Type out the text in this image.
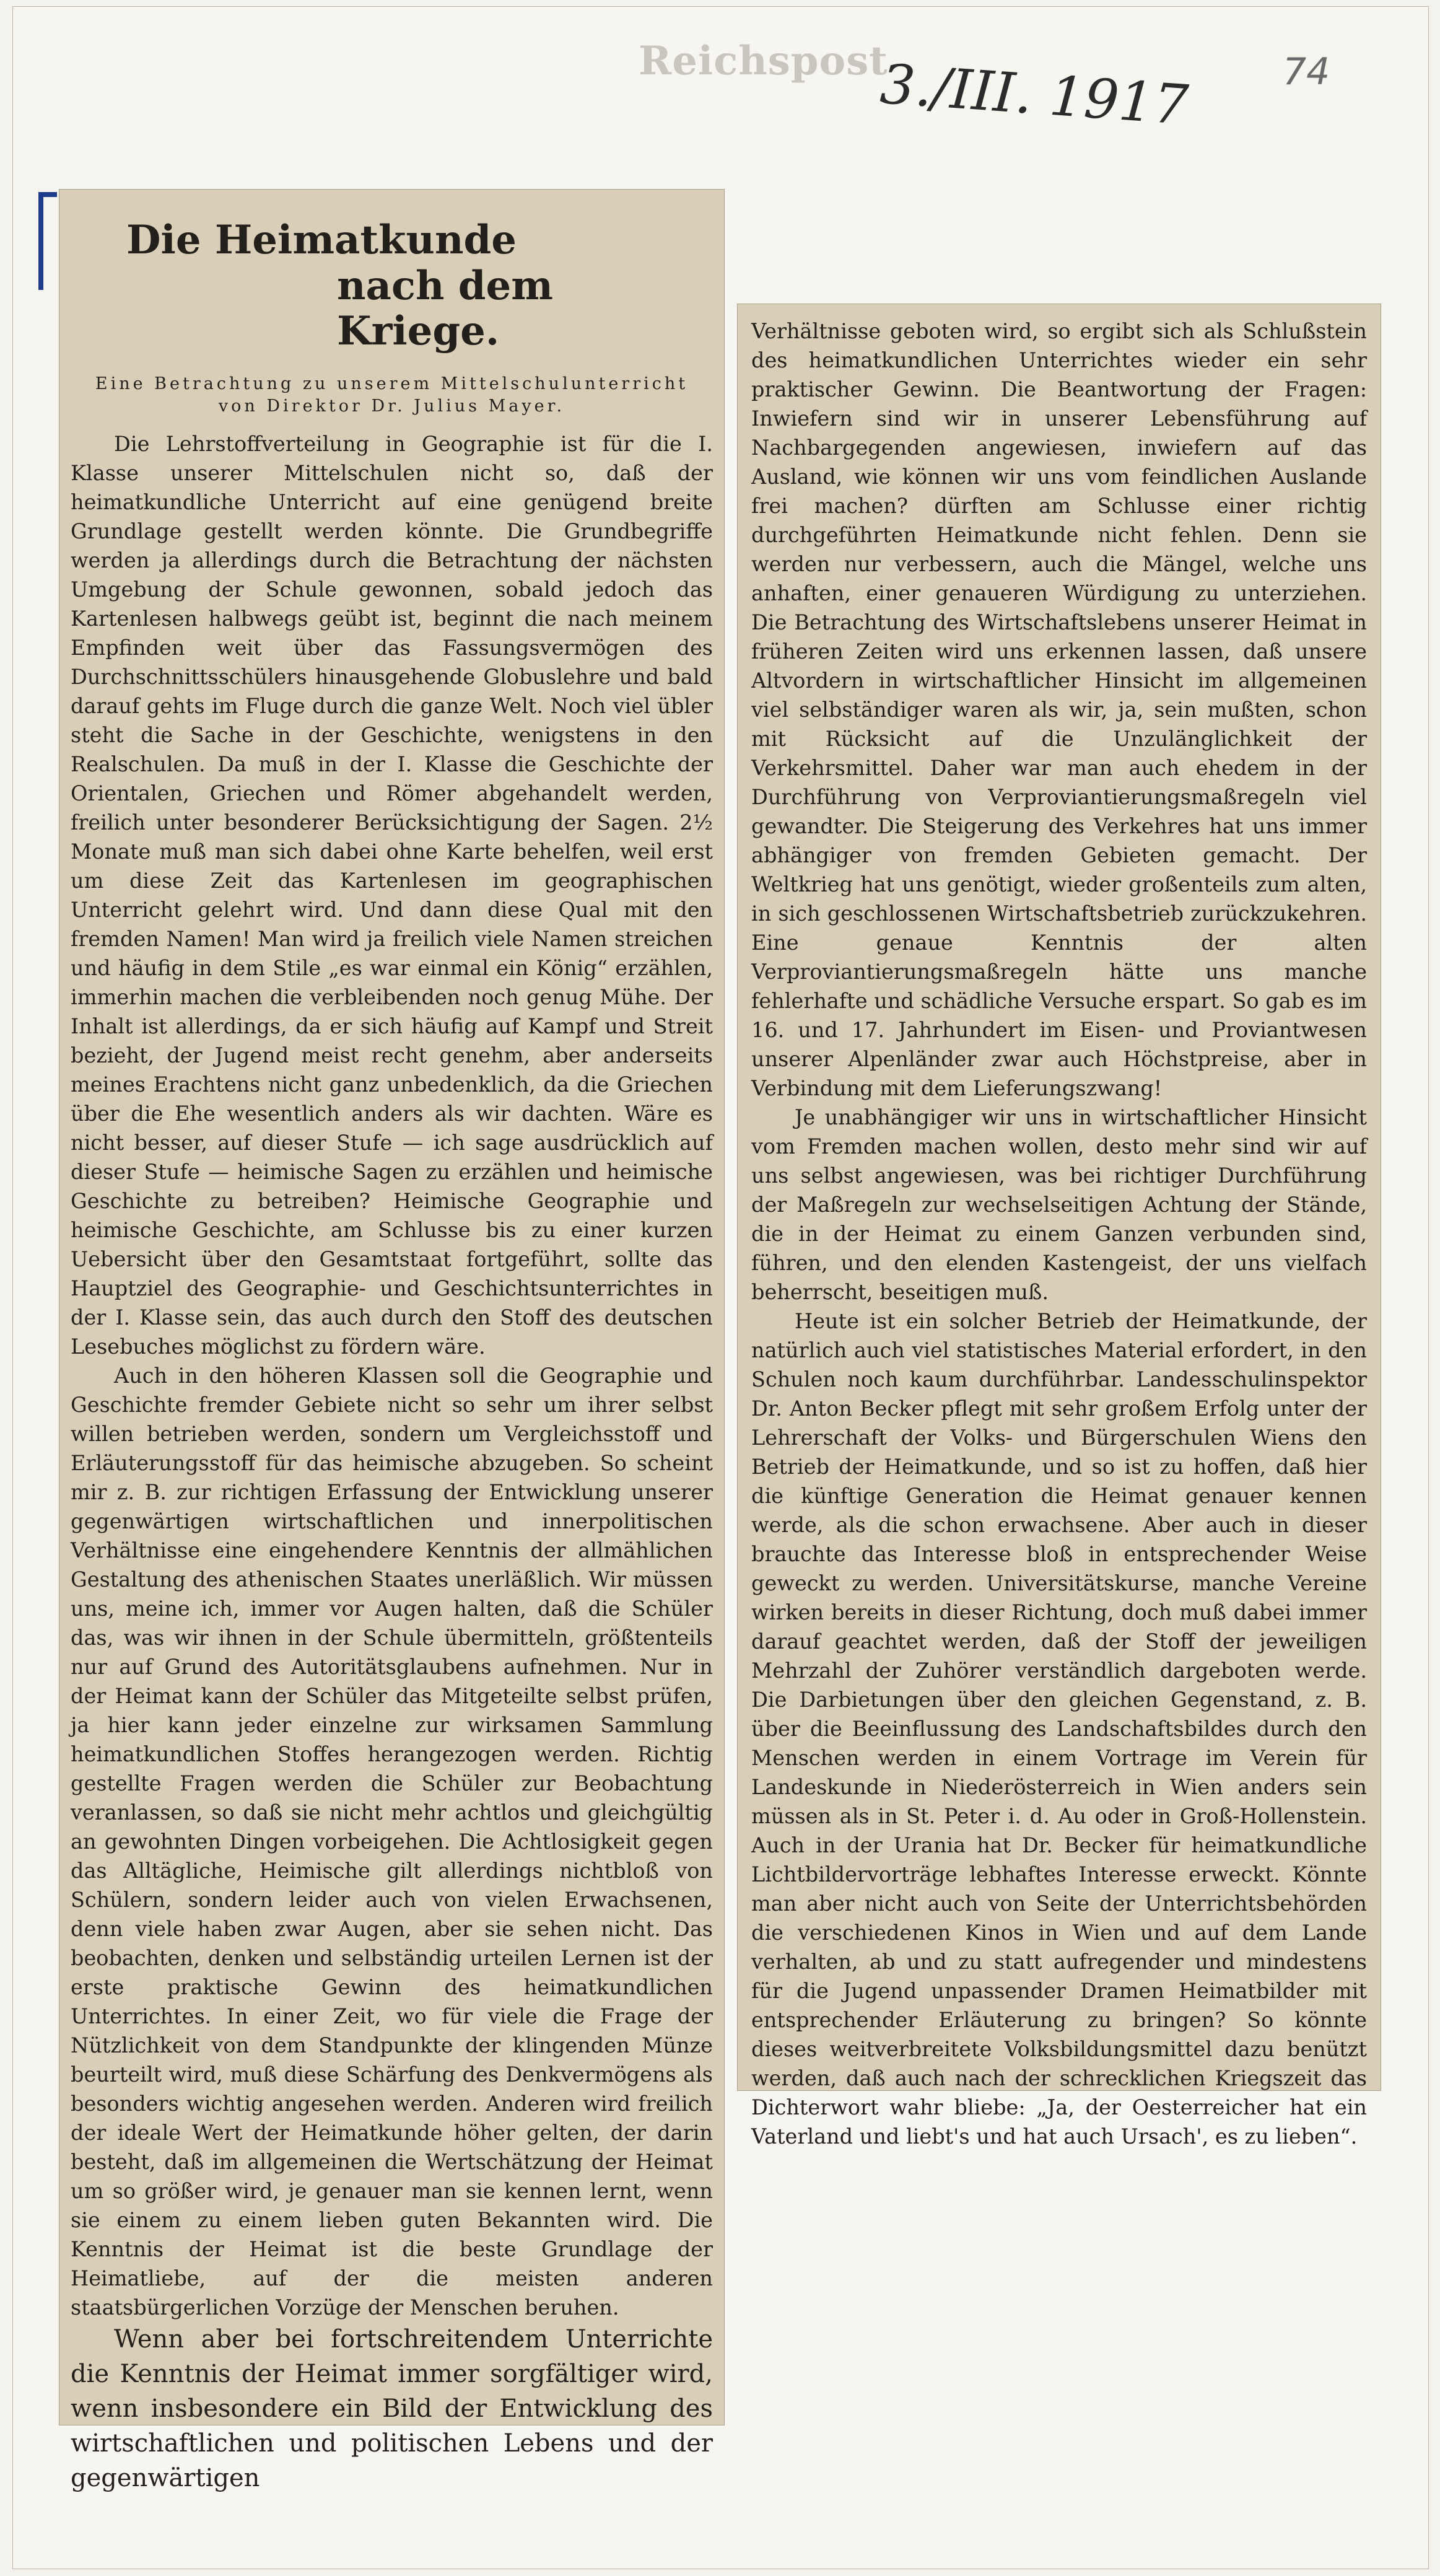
Reichspost
3./III. 1917 74
Die Heimatkunde
nach dem Kriege.
Eine Betrachtung zu unserem Mittelschulunterricht von Direktor Dr. Julius Mayer.

Die Lehrstoffverteilung in Geographie ist für die I. Klasse unserer Mittelschulen nicht so, daß der heimatkundliche Unterricht auf eine genügend breite Grundlage gestellt werden könnte. Die Grundbegriffe werden ja allerdings durch die Betrachtung der nächsten Umgebung der Schule gewonnen, sobald jedoch das Kartenlesen halbwegs geübt ist, beginnt die nach meinem Empfinden weit über das Fassungsvermögen des Durchschnittsschülers hinausgehende Globuslehre und bald darauf gehts im Fluge durch die ganze Welt. Noch viel übler steht die Sache in der Geschichte, wenigstens in den Realschulen. Da muß in der I. Klasse die Geschichte der Orientalen, Griechen und Römer abgehandelt werden, freilich unter besonderer Berücksichtigung der Sagen. 2½ Monate muß man sich dabei ohne Karte behelfen, weil erst um diese Zeit das Kartenlesen im geographischen Unterricht gelehrt wird. Und dann diese Qual mit den fremden Namen! Man wird ja freilich viele Namen streichen und häufig in dem Stile „es war einmal ein König“ erzählen, immerhin machen die verbleibenden noch genug Mühe. Der Inhalt ist allerdings, da er sich häufig auf Kampf und Streit bezieht, der Jugend meist recht genehm, aber anderseits meines Erachtens nicht ganz unbedenklich, da die Griechen über die Ehe wesentlich anders als wir dachten. Wäre es nicht besser, auf dieser Stufe — ich sage ausdrücklich auf dieser Stufe — heimische Sagen zu erzählen und heimische Geschichte zu betreiben? Heimische Geographie und heimische Geschichte, am Schlusse bis zu einer kurzen Uebersicht über den Gesamtstaat fortgeführt, sollte das Hauptziel des Geographie- und Geschichtsunterrichtes in der I. Klasse sein, das auch durch den Stoff des deutschen Lesebuches möglichst zu fördern wäre.

Auch in den höheren Klassen soll die Geographie und Geschichte fremder Gebiete nicht so sehr um ihrer selbst willen betrieben werden, sondern um Vergleichsstoff und Erläuterungsstoff für das heimische abzugeben. So scheint mir z. B. zur richtigen Erfassung der Entwicklung unserer gegenwärtigen wirtschaftlichen und innerpolitischen Verhältnisse eine eingehendere Kenntnis der allmählichen Gestaltung des athenischen Staates unerläßlich. Wir müssen uns, meine ich, immer vor Augen halten, daß die Schüler das, was wir ihnen in der Schule übermitteln, größtenteils nur auf Grund des Autoritätsglaubens aufnehmen. Nur in der Heimat kann der Schüler das Mitgeteilte selbst prüfen, ja hier kann jeder einzelne zur wirksamen Sammlung heimatkundlichen Stoffes herangezogen werden. Richtig gestellte Fragen werden die Schüler zur Beobachtung veranlassen, so daß sie nicht mehr achtlos und gleichgültig an gewohnten Dingen vorbeigehen. Die Achtlosigkeit gegen das Alltägliche, Heimische gilt allerdings nichtbloß von Schülern, sondern leider auch von vielen Erwachsenen, denn viele haben zwar Augen, aber sie sehen nicht. Das beobachten, denken und selbständig urteilen Lernen ist der erste praktische Gewinn des heimatkundlichen Unterrichtes. In einer Zeit, wo für viele die Frage der Nützlichkeit von dem Standpunkte der klingenden Münze beurteilt wird, muß diese Schärfung des Denkvermögens als besonders wichtig angesehen werden. Anderen wird freilich der ideale Wert der Heimatkunde höher gelten, der darin besteht, daß im allgemeinen die Wertschätzung der Heimat um so größer wird, je genauer man sie kennen lernt, wenn sie einem zu einem lieben guten Bekannten wird. Die Kenntnis der Heimat ist die beste Grundlage der Heimatliebe, auf der die meisten anderen staatsbürgerlichen Vorzüge der Menschen beruhen.

Wenn aber bei fortschreitendem Unterrichte die Kenntnis der Heimat immer sorgfältiger wird, wenn insbesondere ein Bild der Entwicklung des wirtschaftlichen und politischen Lebens und der gegenwärtigen

Verhältnisse geboten wird, so ergibt sich als Schlußstein des heimatkundlichen Unterrichtes wieder ein sehr praktischer Gewinn. Die Beantwortung der Fragen: Inwiefern sind wir in unserer Lebensführung auf Nachbargegenden angewiesen, inwiefern auf das Ausland, wie können wir uns vom feindlichen Auslande frei machen? dürften am Schlusse einer richtig durchgeführten Heimatkunde nicht fehlen. Denn sie werden nur verbessern, auch die Mängel, welche uns anhaften, einer genaueren Würdigung zu unterziehen. Die Betrachtung des Wirtschaftslebens unserer Heimat in früheren Zeiten wird uns erkennen lassen, daß unsere Altvordern in wirtschaftlicher Hinsicht im allgemeinen viel selbständiger waren als wir, ja, sein mußten, schon mit Rücksicht auf die Unzulänglichkeit der Verkehrsmittel. Daher war man auch ehedem in der Durchführung von Verproviantierungsmaßregeln viel gewandter. Die Steigerung des Verkehres hat uns immer abhängiger von fremden Gebieten gemacht. Der Weltkrieg hat uns genötigt, wieder großenteils zum alten, in sich geschlossenen Wirtschaftsbetrieb zurückzukehren. Eine genaue Kenntnis der alten Verproviantierungsmaßregeln hätte uns manche fehlerhafte und schädliche Versuche erspart. So gab es im 16. und 17. Jahrhundert im Eisen- und Proviantwesen unserer Alpenländer zwar auch Höchstpreise, aber in Verbindung mit dem Lieferungszwang!

Je unabhängiger wir uns in wirtschaftlicher Hinsicht vom Fremden machen wollen, desto mehr sind wir auf uns selbst angewiesen, was bei richtiger Durchführung der Maßregeln zur wechselseitigen Achtung der Stände, die in der Heimat zu einem Ganzen verbunden sind, führen, und den elenden Kastengeist, der uns vielfach beherrscht, beseitigen muß.

Heute ist ein solcher Betrieb der Heimatkunde, der natürlich auch viel statistisches Material erfordert, in den Schulen noch kaum durchführbar. Landesschulinspektor Dr. Anton Becker pflegt mit sehr großem Erfolg unter der Lehrerschaft der Volks- und Bürgerschulen Wiens den Betrieb der Heimatkunde, und so ist zu hoffen, daß hier die künftige Generation die Heimat genauer kennen werde, als die schon erwachsene. Aber auch in dieser brauchte das Interesse bloß in entsprechender Weise geweckt zu werden. Universitätskurse, manche Vereine wirken bereits in dieser Richtung, doch muß dabei immer darauf geachtet werden, daß der Stoff der jeweiligen Mehrzahl der Zuhörer verständlich dargeboten werde. Die Darbietungen über den gleichen Gegenstand, z. B. über die Beeinflussung des Landschaftsbildes durch den Menschen werden in einem Vortrage im Verein für Landeskunde in Niederösterreich in Wien anders sein müssen als in St. Peter i. d. Au oder in Groß-Hollenstein. Auch in der Urania hat Dr. Becker für heimatkundliche Lichtbildervorträge lebhaftes Interesse erweckt. Könnte man aber nicht auch von Seite der Unterrichtsbehörden die verschiedenen Kinos in Wien und auf dem Lande verhalten, ab und zu statt aufregender und mindestens für die Jugend unpassender Dramen Heimatbilder mit entsprechender Erläuterung zu bringen? So könnte dieses weitverbreitete Volksbildungsmittel dazu benützt werden, daß auch nach der schrecklichen Kriegszeit das Dichterwort wahr bliebe: „Ja, der Oesterreicher hat ein Vaterland und liebt's und hat auch Ursach', es zu lieben“.
